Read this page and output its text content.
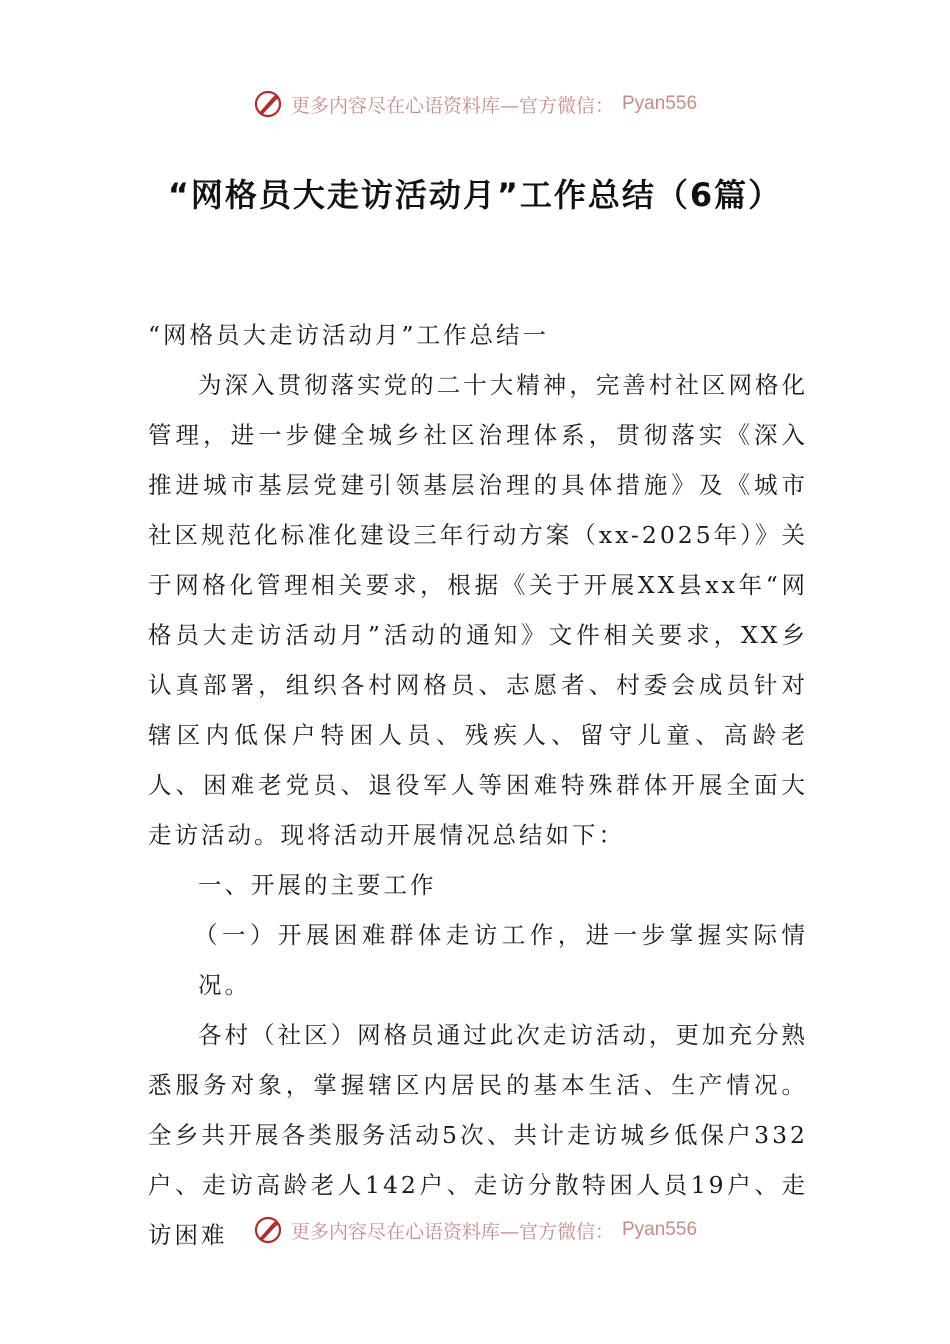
更多内容尽在心语资料库—官方微信： Pyan556
“网格员大走访活动月”工作总结（6篇）

“网格员大走访活动月”工作总结一

为深入贯彻落实党的二十大精神，完善村社区网格化管理，进一步健全城乡社区治理体系，贯彻落实《深入推进城市基层党建引领基层治理的具体措施》及《城市社区规范化标准化建设三年行动方案（xx-2025年）》关于网格化管理相关要求，根据《关于开展XX县xx年“网格员大走访活动月”活动的通知》文件相关要求，XX乡认真部署，组织各村网格员、志愿者、村委会成员针对辖区内低保户特困人员、残疾人、留守儿童、高龄老人、困难老党员、退役军人等困难特殊群体开展全面大走访活动。现将活动开展情况总结如下：

一、开展的主要工作

（一）开展困难群体走访工作，进一步掌握实际情况。

各村（社区）网格员通过此次走访活动，更加充分熟悉服务对象，掌握辖区内居民的基本生活、生产情况。全乡共开展各类服务活动5次、共计走访城乡低保户332户、走访高龄老人142户、走访分散特困人员19户、走访困难	更多内容尽在心语资料库—官方微信： Pyan556
